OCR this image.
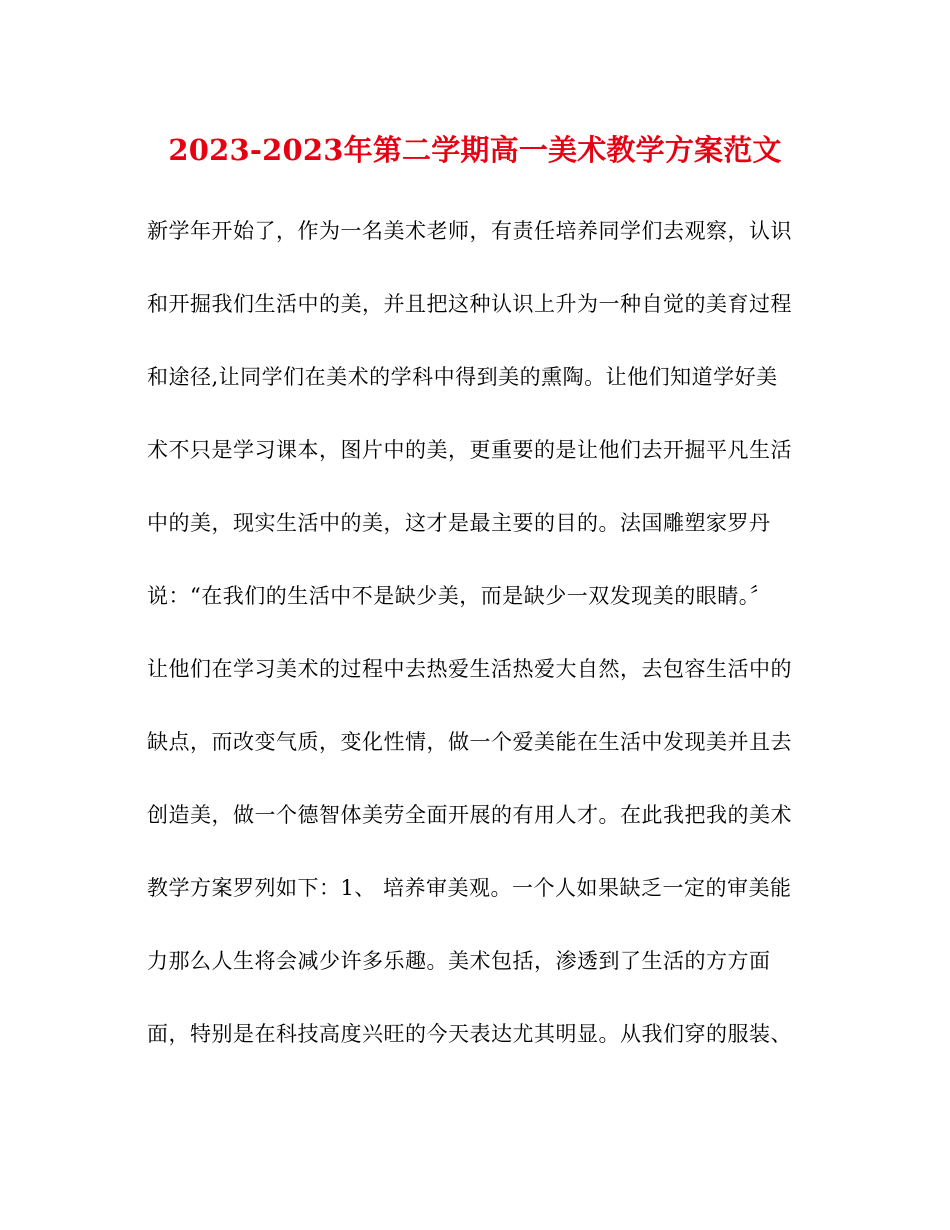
2023-2023年第二学期高一美术教学方案范文
新学年开始了，作为一名美术老师，有责任培养同学们去观察，认识
和开掘我们生活中的美，并且把这种认识上升为一种自觉的美育过程
和途径,让同学们在美术的学科中得到美的熏陶。让他们知道学好美
术不只是学习课本，图片中的美，更重要的是让他们去开掘平凡生活
中的美，现实生活中的美，这才是最主要的目的。法国雕塑家罗丹
说：“在我们的生活中不是缺少美，而是缺少一双发现美的眼睛。〞
让他们在学习美术的过程中去热爱生活热爱大自然，去包容生活中的
缺点，而改变气质，变化性情，做一个爱美能在生活中发现美并且去
创造美，做一个德智体美劳全面开展的有用人才。在此我把我的美术
教学方案罗列如下：1、 培养审美观。一个人如果缺乏一定的审美能
力那么人生将会减少许多乐趣。美术包括，渗透到了生活的方方面
面，特别是在科技高度兴旺的今天表达尤其明显。从我们穿的服装、
